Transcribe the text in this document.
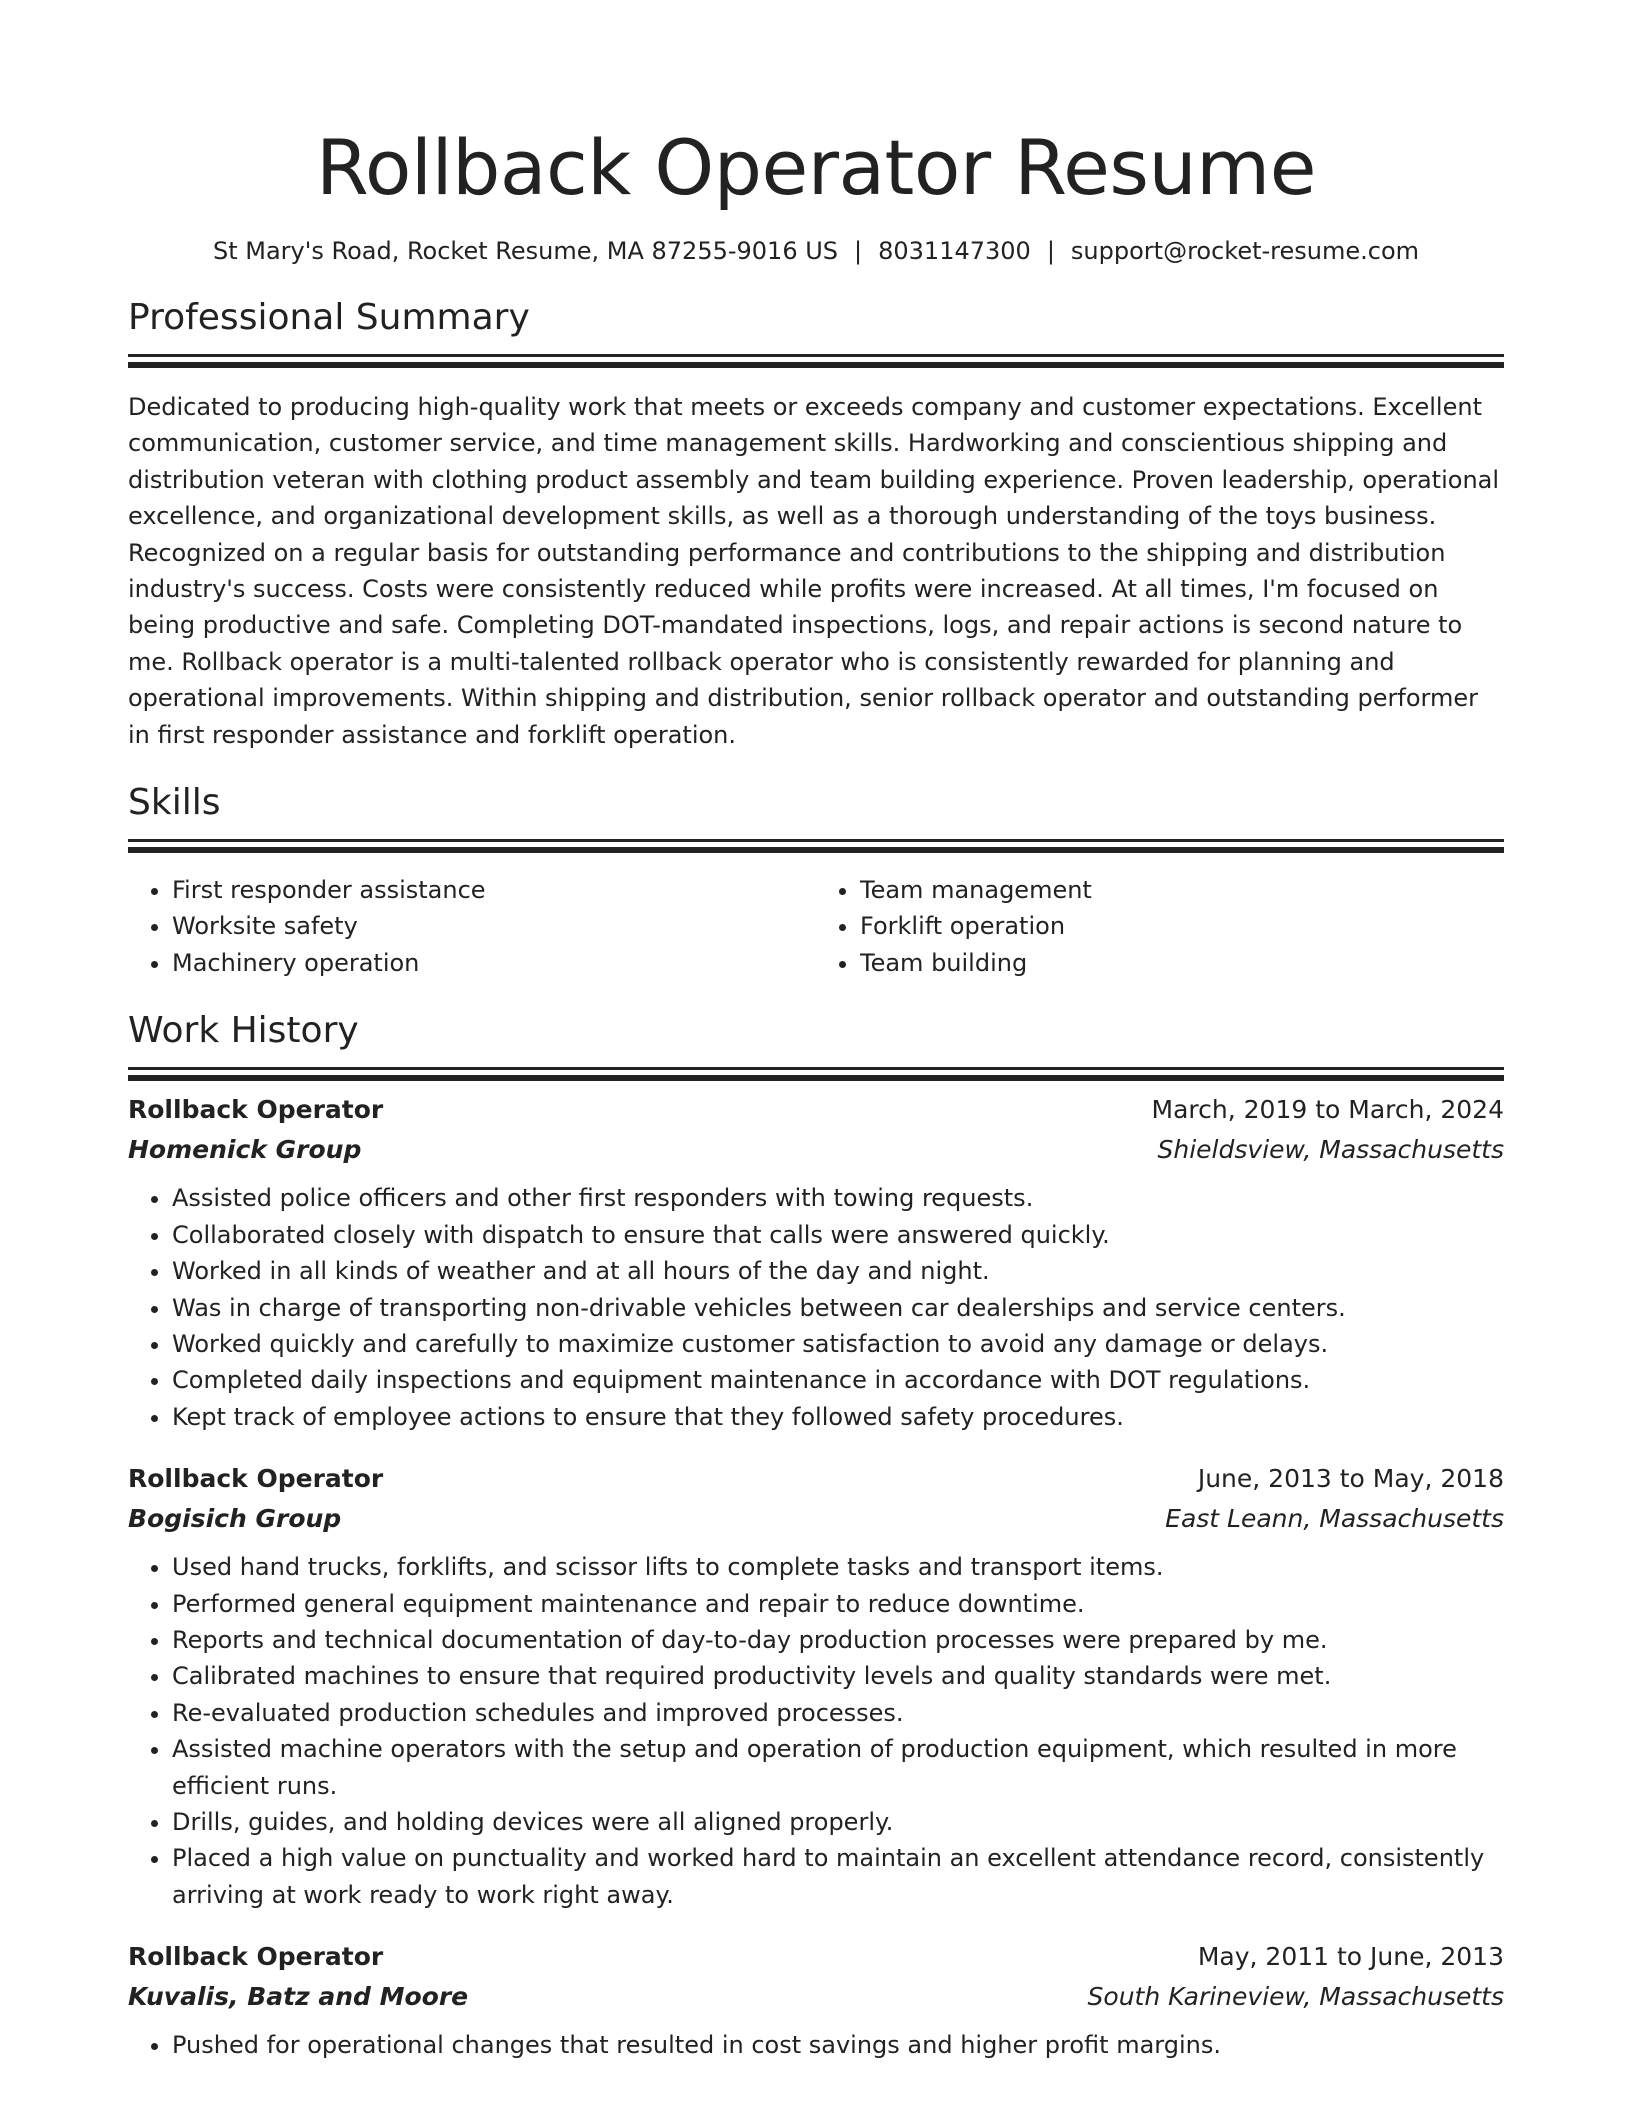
Rollback Operator Resume
St Mary's Road, Rocket Resume, MA 87255-9016 US | 8031147300 | support@rocket-resume.com
Professional Summary
Dedicated to producing high-quality work that meets or exceeds company and customer expectations. Excellent communication, customer service, and time management skills. Hardworking and conscientious shipping and distribution veteran with clothing product assembly and team building experience. Proven leadership, operational excellence, and organizational development skills, as well as a thorough understanding of the toys business. Recognized on a regular basis for outstanding performance and contributions to the shipping and distribution industry's success. Costs were consistently reduced while profits were increased. At all times, I'm focused on being productive and safe. Completing DOT-mandated inspections, logs, and repair actions is second nature to me. Rollback operator is a multi-talented rollback operator who is consistently rewarded for planning and operational improvements. Within shipping and distribution, senior rollback operator and outstanding performer in first responder assistance and forklift operation.
Skills
• First responder assistance
• Worksite safety
• Machinery operation
• Team management
• Forklift operation
• Team building
Work History
Rollback Operator	March, 2019 to March, 2024
Homenick Group	Shieldsview, Massachusetts
• Assisted police officers and other first responders with towing requests.
• Collaborated closely with dispatch to ensure that calls were answered quickly.
• Worked in all kinds of weather and at all hours of the day and night.
• Was in charge of transporting non-drivable vehicles between car dealerships and service centers.
• Worked quickly and carefully to maximize customer satisfaction to avoid any damage or delays.
• Completed daily inspections and equipment maintenance in accordance with DOT regulations.
• Kept track of employee actions to ensure that they followed safety procedures.
Rollback Operator	June, 2013 to May, 2018
Bogisich Group	East Leann, Massachusetts
• Used hand trucks, forklifts, and scissor lifts to complete tasks and transport items.
• Performed general equipment maintenance and repair to reduce downtime.
• Reports and technical documentation of day-to-day production processes were prepared by me.
• Calibrated machines to ensure that required productivity levels and quality standards were met.
• Re-evaluated production schedules and improved processes.
• Assisted machine operators with the setup and operation of production equipment, which resulted in more efficient runs.
• Drills, guides, and holding devices were all aligned properly.
• Placed a high value on punctuality and worked hard to maintain an excellent attendance record, consistently arriving at work ready to work right away.
Rollback Operator	May, 2011 to June, 2013
Kuvalis, Batz and Moore	South Karineview, Massachusetts
• Pushed for operational changes that resulted in cost savings and higher profit margins.
